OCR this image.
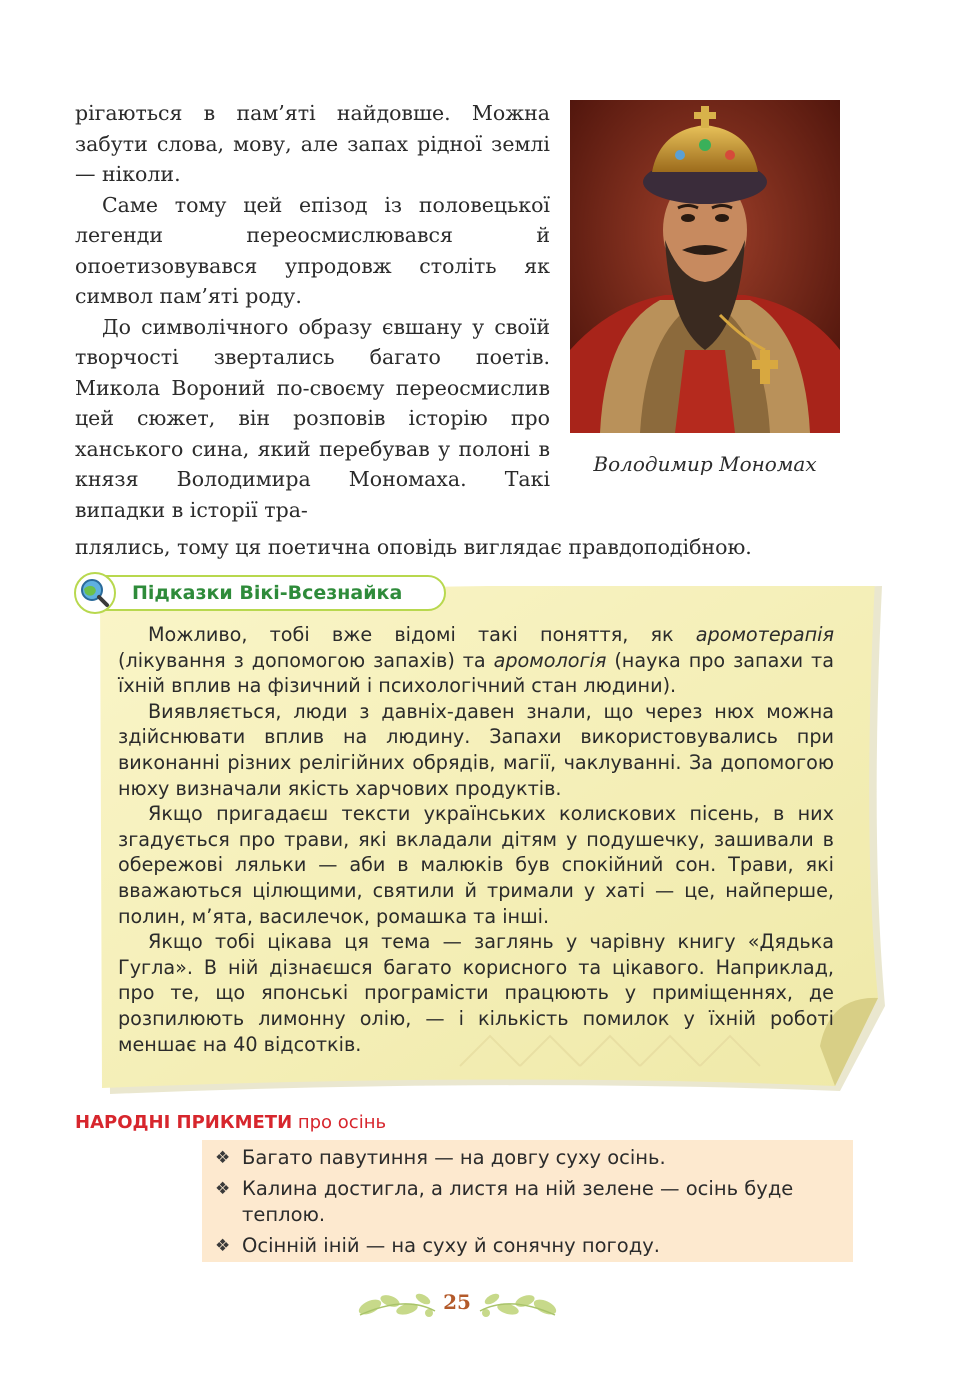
рігаються в пам’яті найдовше. Можна забути слова, мову, але запах рідної землі — ніколи.

Саме тому цей епізод із половецької легенди переосмислювався й опоетизовувався упродовж століть як символ пам’яті роду.

До символічного образу євшану у своїй творчості звертались багато поетів. Микола Вороний по-своєму переосмислив цей сюжет, він розповів історію про ханського сина, який перебував у полоні в князя Володимира Мономаха. Такі випадки в історії тра-

плялись, тому ця поетична оповідь виглядає правдоподібною.
Володимир Мономах
Підказки Вікі-Всезнайка

Можливо, тобі вже відомі такі поняття, як аромотерапія (лікування з допомогою запахів) та аромологія (наука про запахи та їхній вплив на фізичний і психологічний стан людини).

Виявляється, люди з давніх-давен знали, що через нюх можна здійснювати вплив на людину. Запахи використовувались при виконанні різних релігійних обрядів, магії, чаклуванні. За допомогою нюху визначали якість харчових продуктів.

Якщо пригадаєш тексти українських колискових пісень, в них згадується про трави, які вкладали дітям у подушечку, зашивали в обережові ляльки — аби в малюків був спокійний сон. Трави, які вважаються цілющими, святили й тримали у хаті — це, найперше, полин, м’ята, василечок, ромашка та інші.

Якщо тобі цікава ця тема — заглянь у чарівну книгу «Дядька Гугла». В ній дізнаєшся багато корисного та цікавого. Наприклад, про те, що японські програмісти працюють у приміщеннях, де розпилюють лимонну олію, — і кількість помилок у їхній роботі меншає на 40 відсотків.

НАРОДНІ ПРИКМЕТИ про осінь
❖ Багато павутиння — на довгу суху осінь.
❖ Калина достигла, а листя на ній зелене — осінь буде теплою.
❖ Осінній іній — на суху й сонячну погоду.
25
